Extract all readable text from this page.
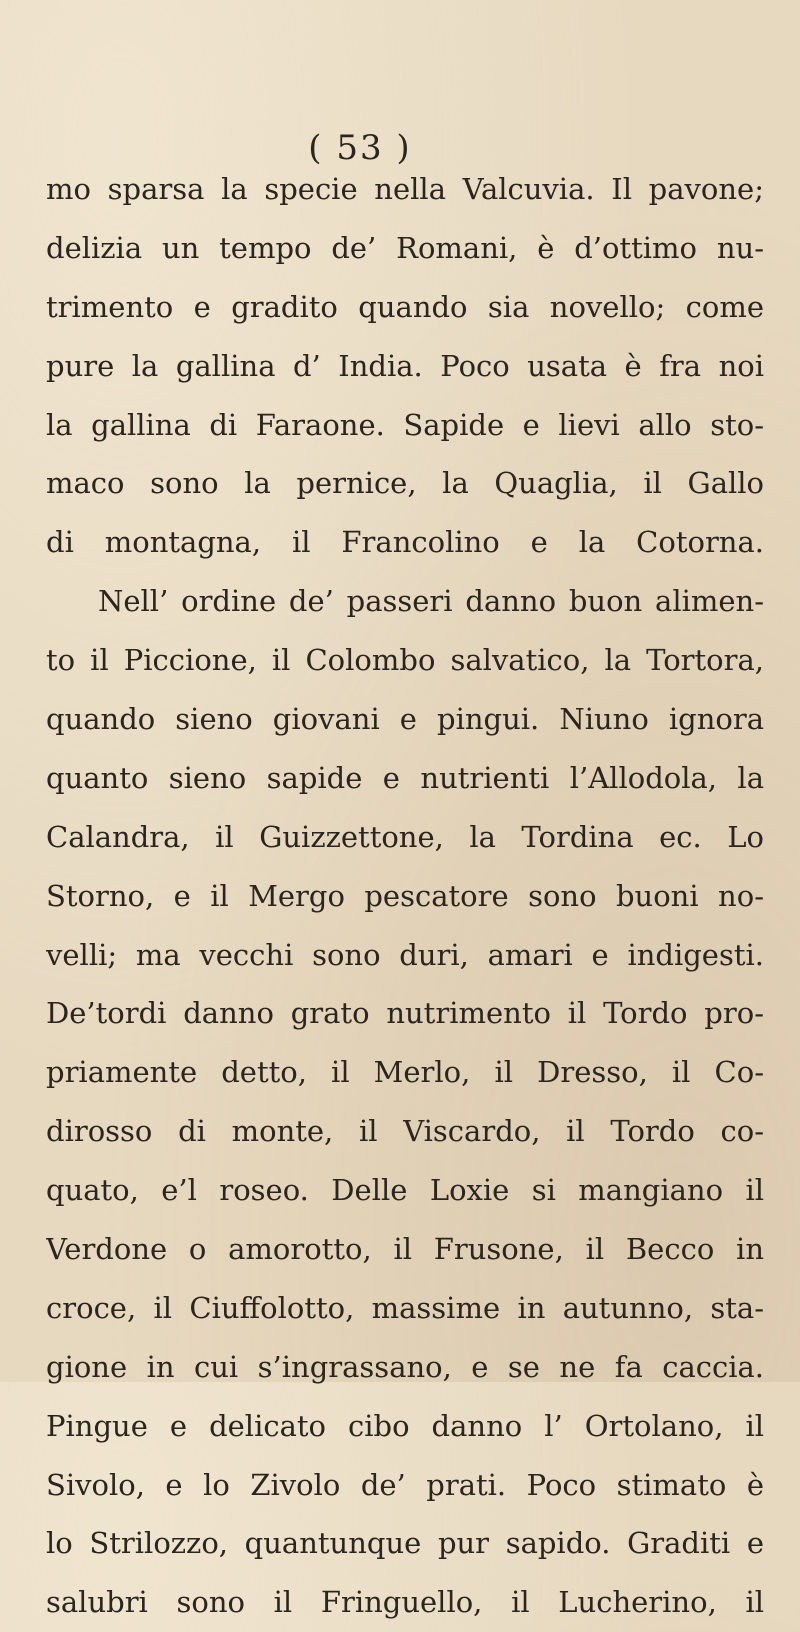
( 53 )
mo sparsa la specie nella Valcuvia. Il pavone;
delizia un tempo de’ Romani, è d’ottimo nu-
trimento e gradito quando sia novello; come
pure la gallina d’ India. Poco usata è fra noi
la gallina di Faraone. Sapide e lievi allo sto-
maco sono la pernice, la Quaglia, il Gallo
di montagna, il Francolino e la Cotorna.
Nell’ ordine de’ passeri danno buon alimen-
to il Piccione, il Colombo salvatico, la Tortora,
quando sieno giovani e pingui. Niuno ignora
quanto sieno sapide e nutrienti l’Allodola, la
Calandra, il Guizzettone, la Tordina ec. Lo
Storno, e il Mergo pescatore sono buoni no-
velli; ma vecchi sono duri, amari e indigesti.
De’tordi danno grato nutrimento il Tordo pro-
priamente detto, il Merlo, il Dresso, il Co-
dirosso di monte, il Viscardo, il Tordo co-
quato, e’l roseo. Delle Loxie si mangiano il
Verdone o amorotto, il Frusone, il Becco in
croce, il Ciuffolotto, massime in autunno, sta-
gione in cui s’ingrassano, e se ne fa caccia.
Pingue e delicato cibo danno l’ Ortolano, il
Sivolo, e lo Zivolo de’ prati. Poco stimato è
lo Strilozzo, quantunque pur sapido. Graditi e
salubri sono il Fringuello, il Lucherino, il
